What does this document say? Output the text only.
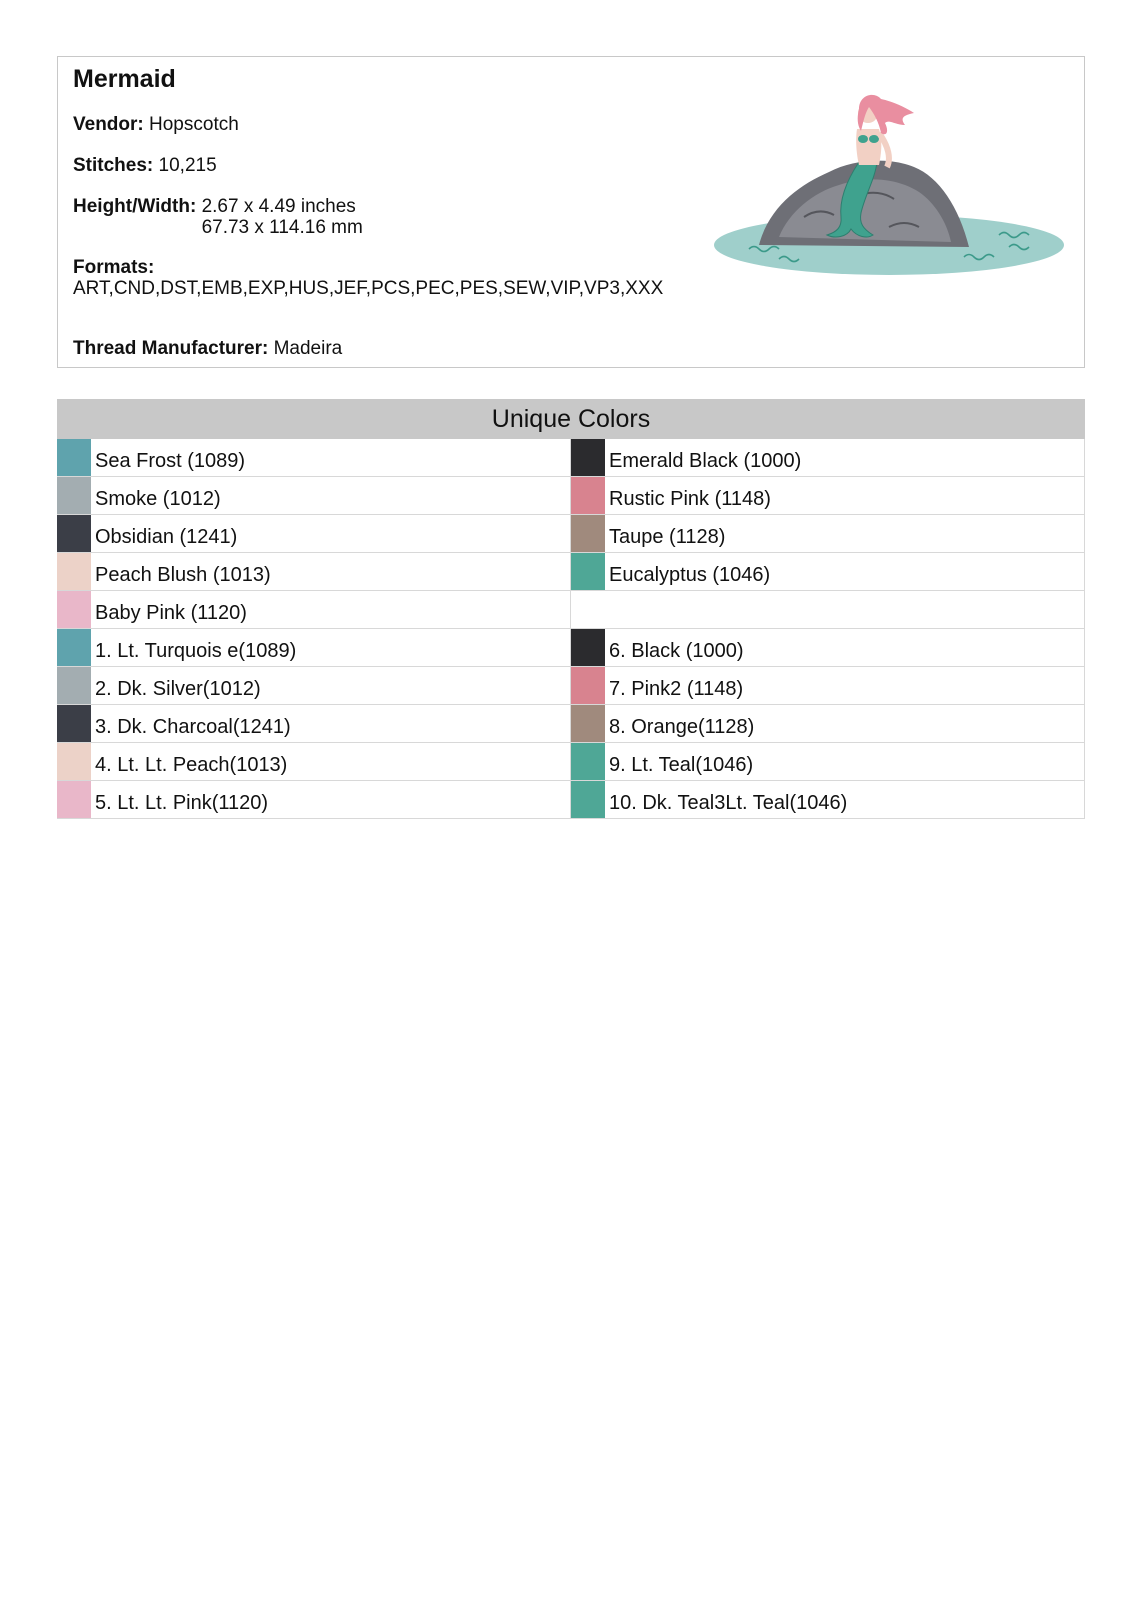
Mermaid
Vendor: Hopscotch
Stitches: 10,215
Height/Width: 2.67 x 4.49 inches
67.73 x 114.16 mm
Formats:
ART,CND,DST,EMB,EXP,HUS,JEF,PCS,PEC,PES,SEW,VIP,VP3,XXX
Thread Manufacturer: Madeira
Unique Colors
Sea Frost (1089)	Emerald Black (1000)
Smoke (1012)	Rustic Pink (1148)
Obsidian (1241)	Taupe (1128)
Peach Blush (1013)	Eucalyptus (1046)
Baby Pink (1120)
1. Lt. Turquois e(1089)	6. Black (1000)
2. Dk. Silver(1012)	7. Pink2 (1148)
3. Dk. Charcoal(1241)	8. Orange(1128)
4. Lt. Lt. Peach(1013)	9. Lt. Teal(1046)
5. Lt. Lt. Pink(1120)	10. Dk. Teal3Lt. Teal(1046)
